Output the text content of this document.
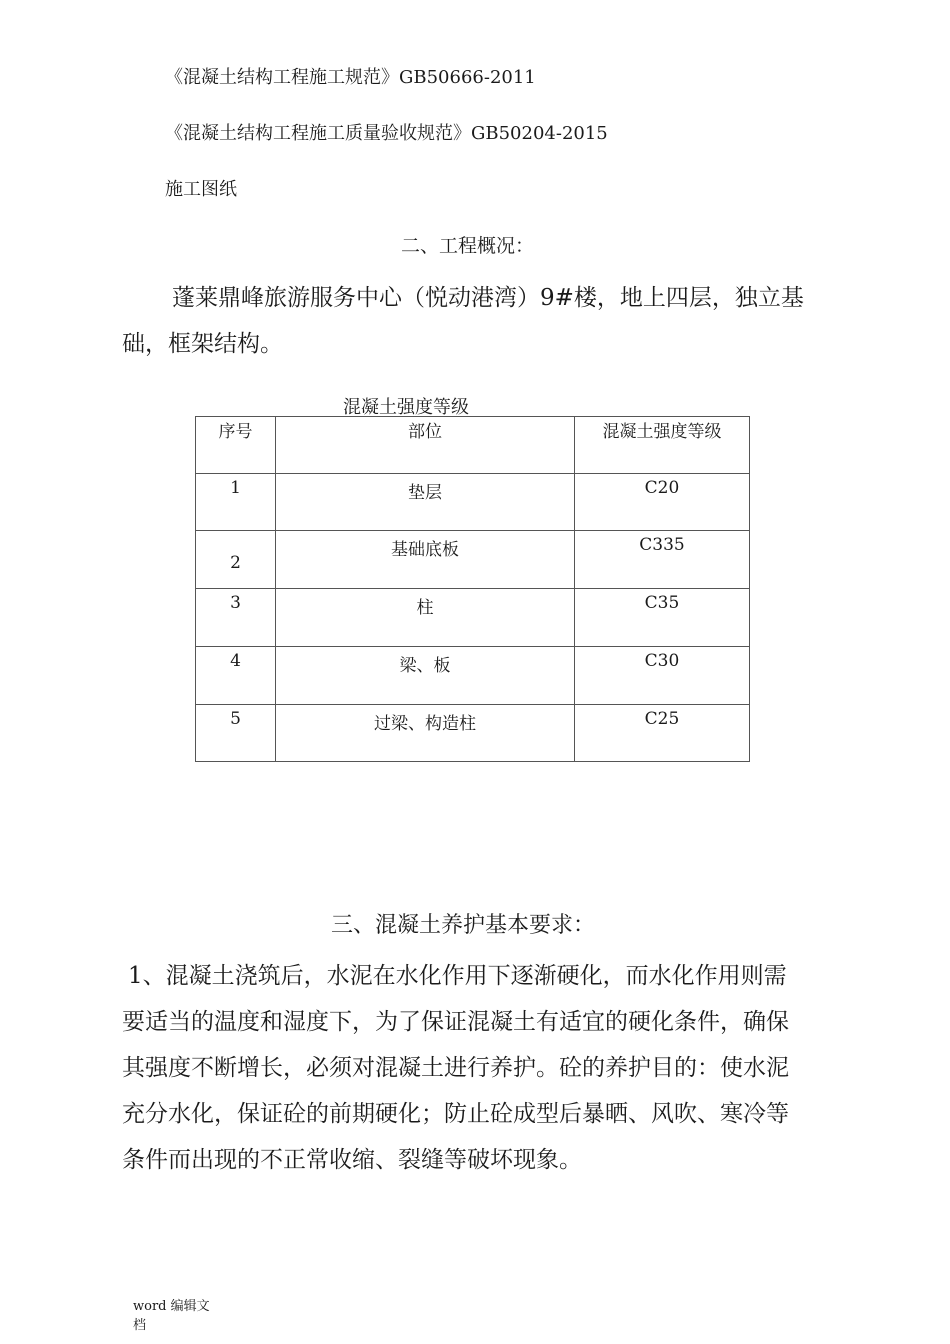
《混凝土结构工程施工规范》GB50666-2011
《混凝土结构工程施工质量验收规范》GB50204-2015
施工图纸
二、工程概况：
蓬莱鼎峰旅游服务中心（悦动港湾）9#楼，地上四层，独立基
础，框架结构。
混凝土强度等级
序号	部位	混凝土强度等级

1	垫层	C20

2	基础底板	C335

3	柱	C35

4	梁、板	C30

5	过梁、构造柱	C25
三、混凝土养护基本要求：
1、混凝土浇筑后，水泥在水化作用下逐渐硬化，而水化作用则需
要适当的温度和湿度下，为了保证混凝土有适宜的硬化条件，确保
其强度不断增长，必须对混凝土进行养护。砼的养护目的：使水泥
充分水化，保证砼的前期硬化；防止砼成型后暴晒、风吹、寒冷等
条件而出现的不正常收缩、裂缝等破坏现象。
word 编辑文
档
